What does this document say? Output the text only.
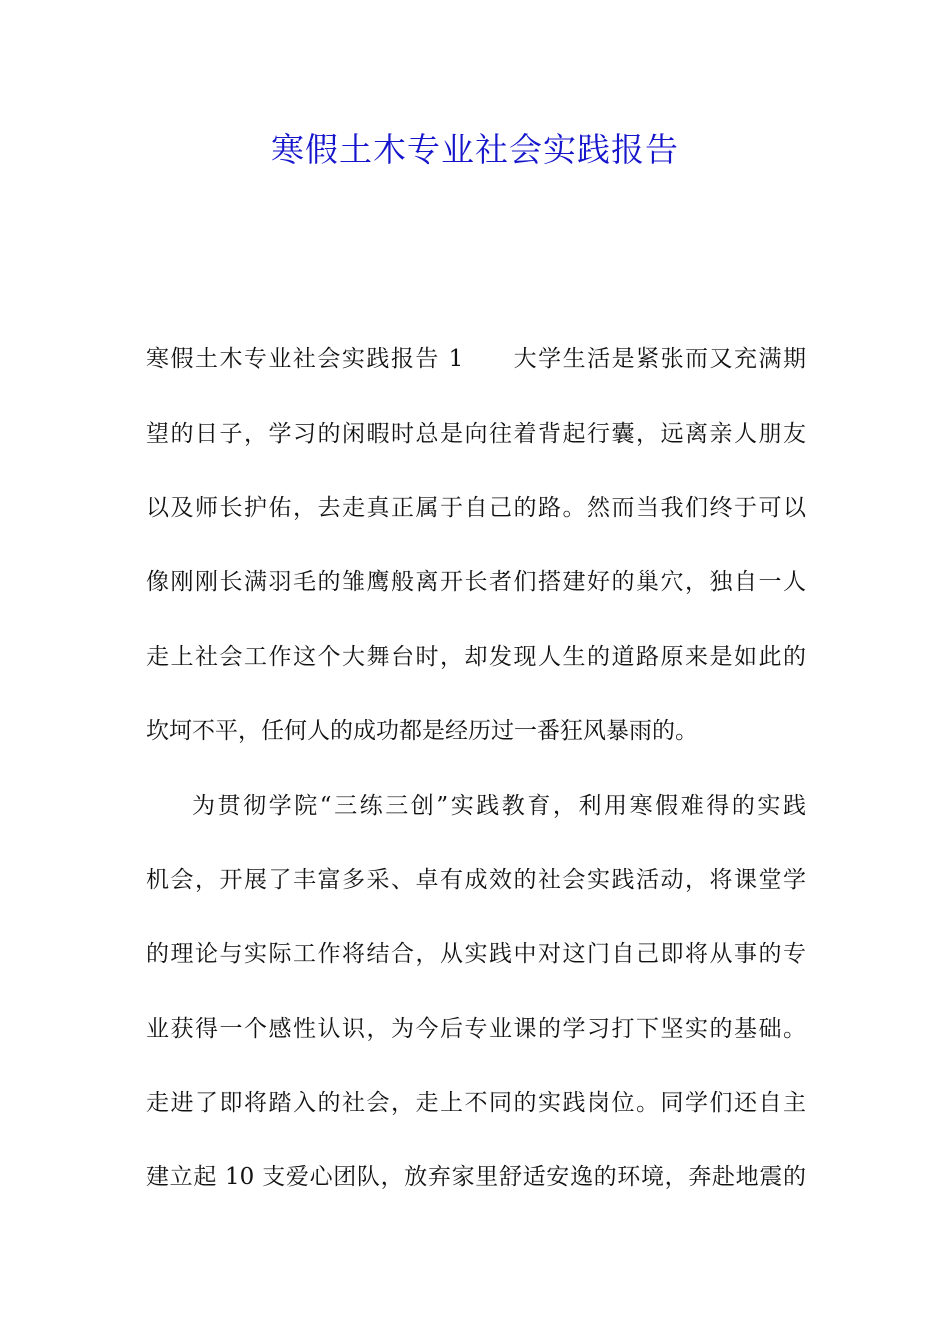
寒假土木专业社会实践报告
寒假土木专业社会实践报告 1　　大学生活是紧张而又充满期
望的日子，学习的闲暇时总是向往着背起行囊，远离亲人朋友
以及师长护佑，去走真正属于自己的路。然而当我们终于可以
像刚刚长满羽毛的雏鹰般离开长者们搭建好的巢穴，独自一人
走上社会工作这个大舞台时，却发现人生的道路原来是如此的
坎坷不平，任何人的成功都是经历过一番狂风暴雨的。
为贯彻学院“三练三创”实践教育，利用寒假难得的实践
机会，开展了丰富多采、卓有成效的社会实践活动，将课堂学
的理论与实际工作将结合，从实践中对这门自己即将从事的专
业获得一个感性认识，为今后专业课的学习打下坚实的基础。
走进了即将踏入的社会，走上不同的实践岗位。同学们还自主
建立起 10 支爱心团队，放弃家里舒适安逸的环境，奔赴地震的
